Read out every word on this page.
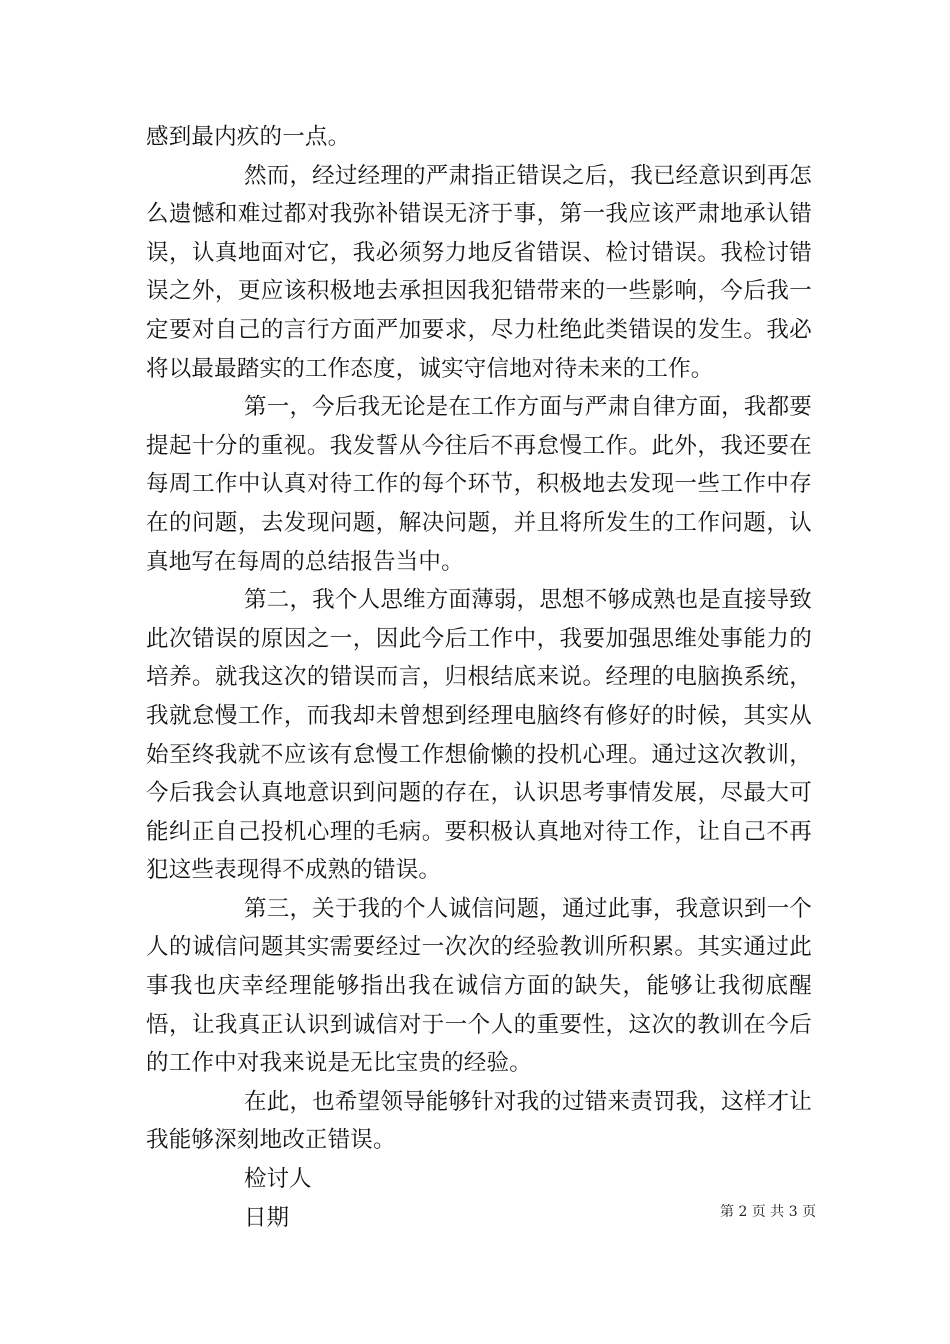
感到最内疚的一点。

然而，经过经理的严肃指正错误之后，我已经意识到再怎么遗憾和难过都对我弥补错误无济于事，第一我应该严肃地承认错误，认真地面对它，我必须努力地反省错误、检讨错误。我检讨错误之外，更应该积极地去承担因我犯错带来的一些影响，今后我一定要对自己的言行方面严加要求，尽力杜绝此类错误的发生。我必将以最最踏实的工作态度，诚实守信地对待未来的工作。

第一，今后我无论是在工作方面与严肃自律方面，我都要提起十分的重视。我发誓从今往后不再怠慢工作。此外，我还要在每周工作中认真对待工作的每个环节，积极地去发现一些工作中存在的问题，去发现问题，解决问题，并且将所发生的工作问题，认真地写在每周的总结报告当中。

第二，我个人思维方面薄弱，思想不够成熟也是直接导致此次错误的原因之一，因此今后工作中，我要加强思维处事能力的培养。就我这次的错误而言，归根结底来说。经理的电脑换系统，我就怠慢工作，而我却未曾想到经理电脑终有修好的时候，其实从始至终我就不应该有怠慢工作想偷懒的投机心理。通过这次教训，今后我会认真地意识到问题的存在，认识思考事情发展，尽最大可能纠正自己投机心理的毛病。要积极认真地对待工作，让自己不再犯这些表现得不成熟的错误。

第三，关于我的个人诚信问题，通过此事，我意识到一个人的诚信问题其实需要经过一次次的经验教训所积累。其实通过此事我也庆幸经理能够指出我在诚信方面的缺失，能够让我彻底醒悟，让我真正认识到诚信对于一个人的重要性，这次的教训在今后的工作中对我来说是无比宝贵的经验。

在此，也希望领导能够针对我的过错来责罚我，这样才让我能够深刻地改正错误。

检讨人

日期	第 2 页 共 3 页
